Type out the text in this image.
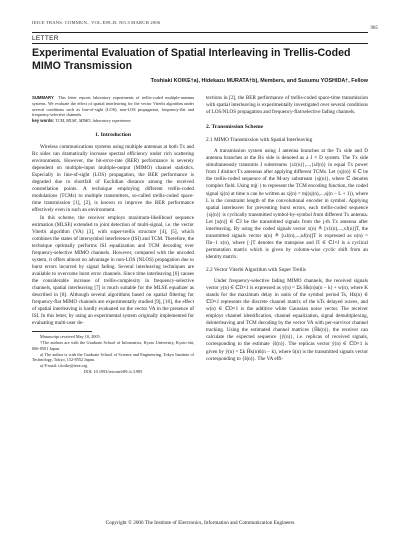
IEICE TRANS. COMMUN., VOL.E89–B, NO.3 MARCH 2006
985
LETTER
Experimental Evaluation of Spatial Interleaving in Trellis-Coded MIMO Transmission
Toshiaki KOIKE†a), Hidekazu MURATA†b), Members, and Susumu YOSHIDA†, Fellow

SUMMARY This letter reports laboratory experiments of trellis-coded multiple-antenna systems. We evaluate the effect of spatial interleaving for the vector Viterbi algorithm under several conditions such as line-of-sight (LOS), non-LOS propagation, frequency-flat and frequency-selective channels.

key words: TCM, MLSE, MIMO, laboratory experiment

1. Introduction

Wireless communications systems using multiple antennas at both Tx and Rx sides can dramatically increase spectral efficiency under rich scattering environments. However, the bit-error-rate (BER) performance is severely dependent on multiple-input multiple-output (MIMO) channel statistics. Especially in line-of-sight (LOS) propagation, the BER performance is degraded due to shortfall of Euclidian distance among the received constellation points. A technique employing different trellis-coded modulations (TCMs) to multiple transmitters, so-called trellis-coded space-time transmission [1], [2], is known to improve the BER performance effectively even in such an environment.

In this scheme, the receiver employs maximum-likelihood sequence estimation (MLSE) extended to joint detection of multi-signal, i.e. the vector Viterbi algorithm (VA) [3], with super-trellis structure [4], [5], which combines the states of intersymbol interference (ISI) and TCM. Therefore, the technique optimally performs ISI equalization and TCM decoding over frequency-selective MIMO channels. However, compared with the uncoded system, it offers almost no advantage in non-LOS (NLOS) propagation due to burst errors incurred by signal fading. Several interleaving techniques are available to overcome burst error channels. Since time interleaving [6] causes the considerable increase of trellis-complexity in frequency-selective channels, spatial interleaving [7] is much suitable for the MLSE equalizer as described in [8]. Although several algorithms based on spatial filtering for frequency-flat MIMO channels are experimentally studied [9], [10], the effect of spatial interleaving is hardly evaluated on the vector VA in the presence of ISI. In this letter, by using an experimental system originally implemented for evaluating multi-user de-

Manuscript received May 10, 2005.

†The authors are with the Graduate School of Informatics, Kyoto University, Kyoto-shi, 606-8501 Japan.

a) The author is with the Graduate School of Science and Engineering, Tokyo Institute of Technology, Tokyo, 152-8552 Japan.

a) E-mail: t.koike@ieee.org

DOI: 10.1093/ietcom/e89–b.3.985

tections in [2], the BER performance of trellis-coded space-time transmission with spatial interleaving is experimentally investigated over several conditions of LOS/NLOS propagation and frequency-flat/selective fading channels.

2. Transmission Scheme
2.1 MIMO Transmission with Spatial Interleaving

A transmission system using J antenna branches at the Tx side and D antenna branches at the Rx side is denoted as a J × D system. The Tx side simultaneously transmits J substreams {s1(n)},...,{sJ(n)} in equal Tx power from J distinct Tx antennas after applying different TCMs. Let {sj(n)} ∈ ℂ be the trellis-coded sequence of the M-ary substream {sj(n)}, where ℂ denotes complex field. Using mj(·) to represent the TCM encoding function, the coded signal xj(n) at time n can be written as xj(n) = mj(sj(n),...,sj(n − L + 1)), where L is the constraint length of the convolutional encoder in symbol. Applying spatial interleaver for preventing burst errors, each trellis-coded sequence {xj(n)} is cyclically transmitted symbol-by-symbol from different Tx antenna. Let [u(n)] ∈ ℂJ be the transmitted signals from the j-th Tx antenna after interleaving. By using the coded signals vector x(n) ≜ [x1(n),...,xJ(n)]T, the transmitted signals vector u(n) ≜ [u1(n),...,uJ(n)]T is expressed as u(n) = Πn−1 x(n), where [·]T denotes the transpose and Π ∈ ℂJ×J is a cyclical permutation matrix which is given by column-wise cyclic shift from an identity matrix.

2.2 Vector Viterbi Algorithm with Super Trellis

Under frequency-selective fading MIMO channels, the received signals vector y(n) ∈ ℂD×1 is expressed as y(n) = Σk Hk(n)u(n − k) + w(n), where K stands for the maximum delay in units of the symbol period Ts, Hk(n) ∈ ℂD×J represents the discrete channel matrix of the kTs delayed waves, and w(n) ∈ ℂD×1 is the additive white Gaussian noise vector. The receiver employs channel identification, channel equalization, signal demultiplexing, deinterleaving and TCM decoding by the vector VA with per-survivor channel tracking. Using the estimated channel matrices {Ĥk(n)}, the receiver can calculate the expected sequence {ŷ(n)}, i.e. replicas of received signals, corresponding to the estimate {ŝ(n)}. The replicas vector ŷ(n) ∈ ℂD×1 is given by ŷ(n) = Σk Ĥk(n)û(n − k), where û(n) is the transmitted signals vector corresponding to {ŝ(n)}. The VA effi-

Copyright © 2006 The Institute of Electronics, Information and Communication Engineers
